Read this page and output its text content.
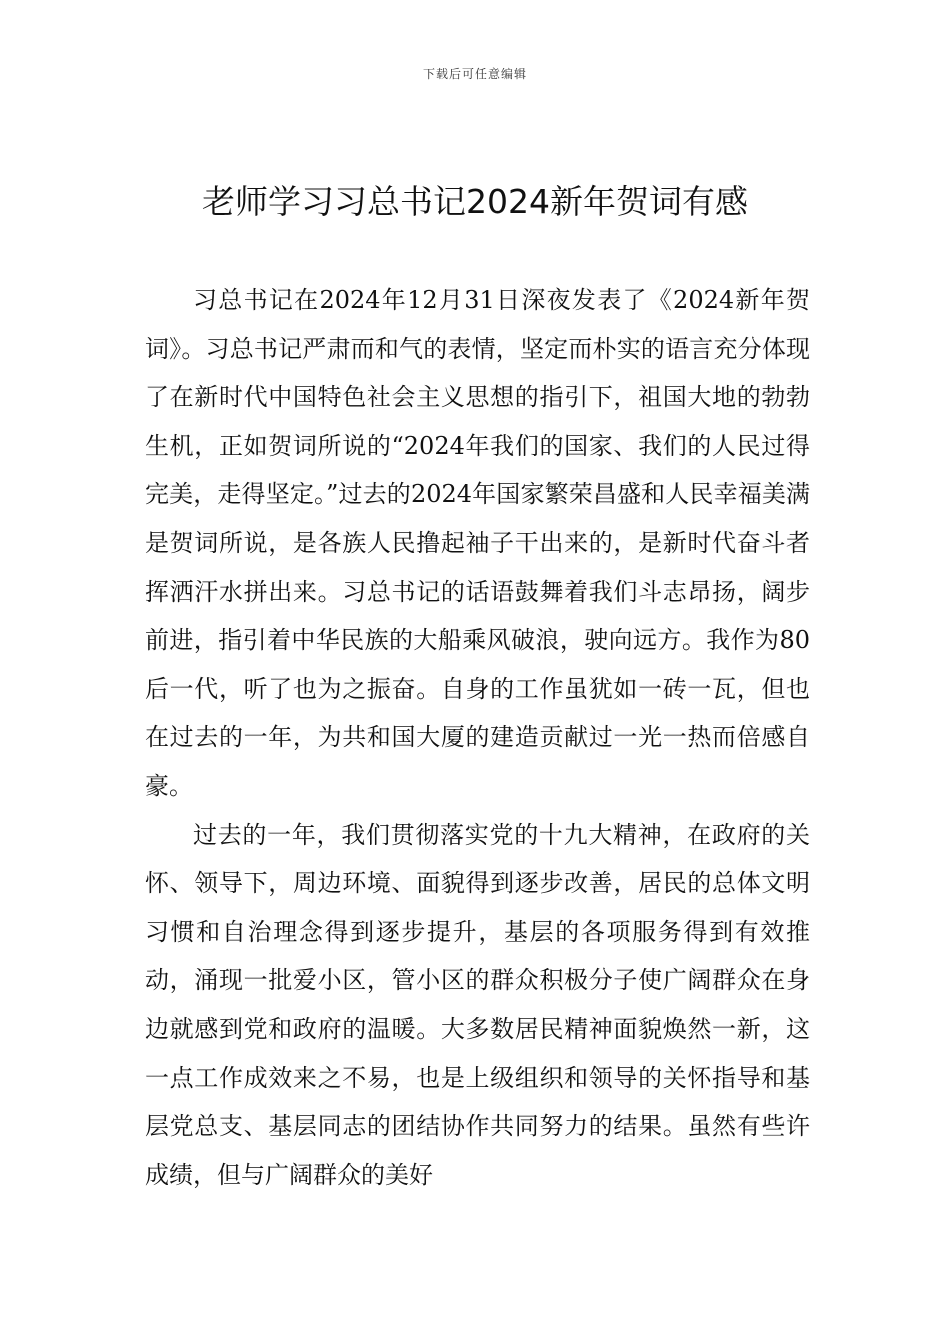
下载后可任意编辑
老师学习习总书记2024新年贺词有感

习总书记在2024年12月31日深夜发表了《2024新年贺词》。习总书记严肃而和气的表情，坚定而朴实的语言充分体现了在新时代中国特色社会主义思想的指引下，祖国大地的勃勃生机，正如贺词所说的“2024年我们的国家、我们的人民过得完美，走得坚定。”过去的2024年国家繁荣昌盛和人民幸福美满是贺词所说，是各族人民撸起袖子干出来的，是新时代奋斗者挥洒汗水拼出来。习总书记的话语鼓舞着我们斗志昂扬，阔步前进，指引着中华民族的大船乘风破浪，驶向远方。我作为80后一代，听了也为之振奋。自身的工作虽犹如一砖一瓦，但也在过去的一年，为共和国大厦的建造贡献过一光一热而倍感自豪。

过去的一年，我们贯彻落实党的十九大精神，在政府的关怀、领导下，周边环境、面貌得到逐步改善，居民的总体文明习惯和自治理念得到逐步提升，基层的各项服务得到有效推动，涌现一批爱小区，管小区的群众积极分子使广阔群众在身边就感到党和政府的温暖。大多数居民精神面貌焕然一新，这一点工作成效来之不易，也是上级组织和领导的关怀指导和基层党总支、基层同志的团结协作共同努力的结果。虽然有些许成绩，但与广阔群众的美好
